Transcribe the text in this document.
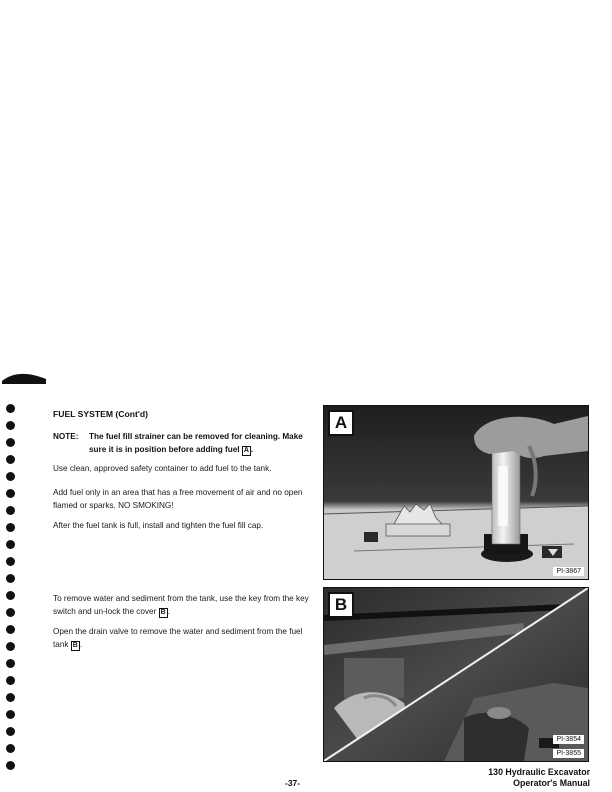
FUEL SYSTEM (Cont'd)
NOTE: The fuel fill strainer can be removed for cleaning. Make
sure it is in position before adding fuel A .
Use clean, approved safety container to add fuel to the tank.
Add fuel only in an area that has a free movement of air and no open flamed or sparks. NO SMOKING!
After the fuel tank is full, install and tighten the fuel fill cap.
To remove water and sediment from the tank, use the key from the key switch and un-lock the cover B .
Open the drain valve to remove the water and sediment from the fuel tank B .
A
PI-3867
B
PI-3854
PI-3855
130 Hydraulic Excavator
Operator's Manual
-37-
